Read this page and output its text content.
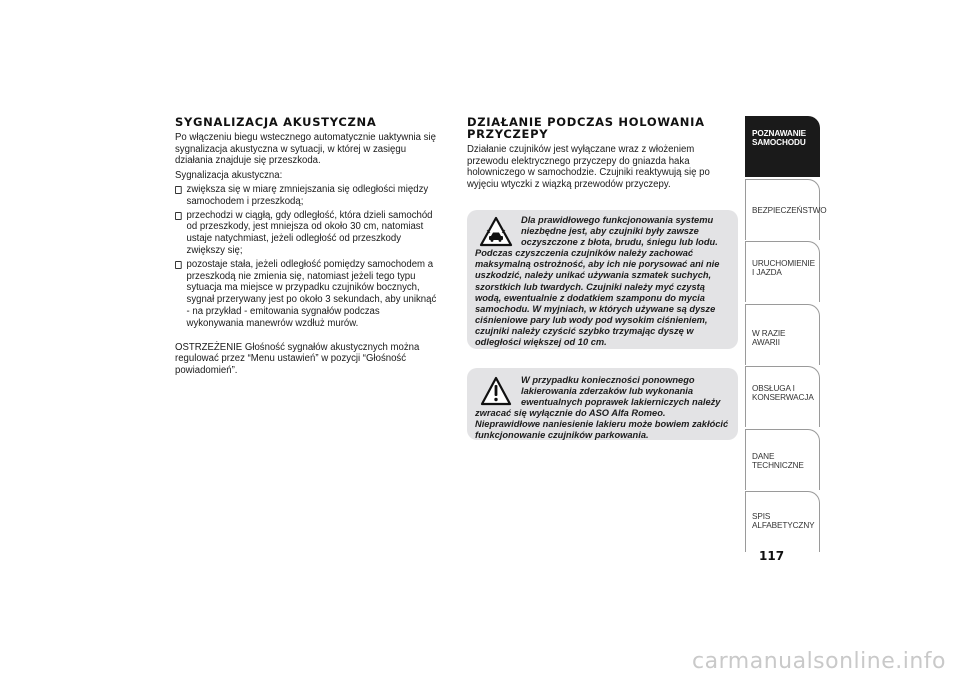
SYGNALIZACJA AKUSTYCZNA
Po włączeniu biegu wstecznego automatycznie uaktywnia się sygnalizacja akustyczna w sytuacji, w której w zasięgu działania znajduje się przeszkoda.
Sygnalizacja akustyczna:
zwiększa się w miarę zmniejszania się odległości między samochodem i przeszkodą;
przechodzi w ciągłą, gdy odległość, która dzieli samochód od przeszkody, jest mniejsza od około 30 cm, natomiast ustaje natychmiast, jeżeli odległość od przeszkody zwiększy się;
pozostaje stała, jeżeli odległość pomiędzy samochodem a przeszkodą nie zmienia się, natomiast jeżeli tego typu sytuacja ma miejsce w przypadku czujników bocznych, sygnał przerywany jest po około 3 sekundach, aby uniknąć - na przykład - emitowania sygnałów podczas wykonywania manewrów wzdłuż murów.
OSTRZEŻENIE Głośność sygnałów akustycznych można regulować przez “Menu ustawień” w pozycji “Głośność powiadomień”.
DZIAŁANIE PODCZAS HOLOWANIA PRZYCZEPY
Działanie czujników jest wyłączane wraz z włożeniem przewodu elektrycznego przyczepy do gniazda haka holowniczego w samochodzie. Czujniki reaktywują się po wyjęciu wtyczki z wiązką przewodów przyczepy.
Dla prawidłowego funkcjonowania systemu niezbędne jest, aby czujniki były zawsze oczyszczone z błota, brudu, śniegu lub lodu. Podczas czyszczenia czujników należy zachować maksymalną ostrożność, aby ich nie porysować ani nie uszkodzić, należy unikać używania szmatek suchych, szorstkich lub twardych. Czujniki należy myć czystą wodą, ewentualnie z dodatkiem szamponu do mycia samochodu. W myjniach, w których używane są dysze ciśnieniowe pary lub wody pod wysokim ciśnieniem, czujniki należy czyścić szybko trzymając dyszę w odległości większej od 10 cm.
W przypadku konieczności ponownego lakierowania zderzaków lub wykonania ewentualnych poprawek lakierniczych należy zwracać się wyłącznie do ASO Alfa Romeo. Nieprawidłowe naniesienie lakieru może bowiem zakłócić funkcjonowanie czujników parkowania.
POZNAWANIE SAMOCHODU
BEZPIECZEŃSTWO
URUCHOMIENIE I JAZDA
W RAZIE AWARII
OBSŁUGA I KONSERWACJA
DANE TECHNICZNE
SPIS ALFABETYCZNY
117
carmanualsonline.info
